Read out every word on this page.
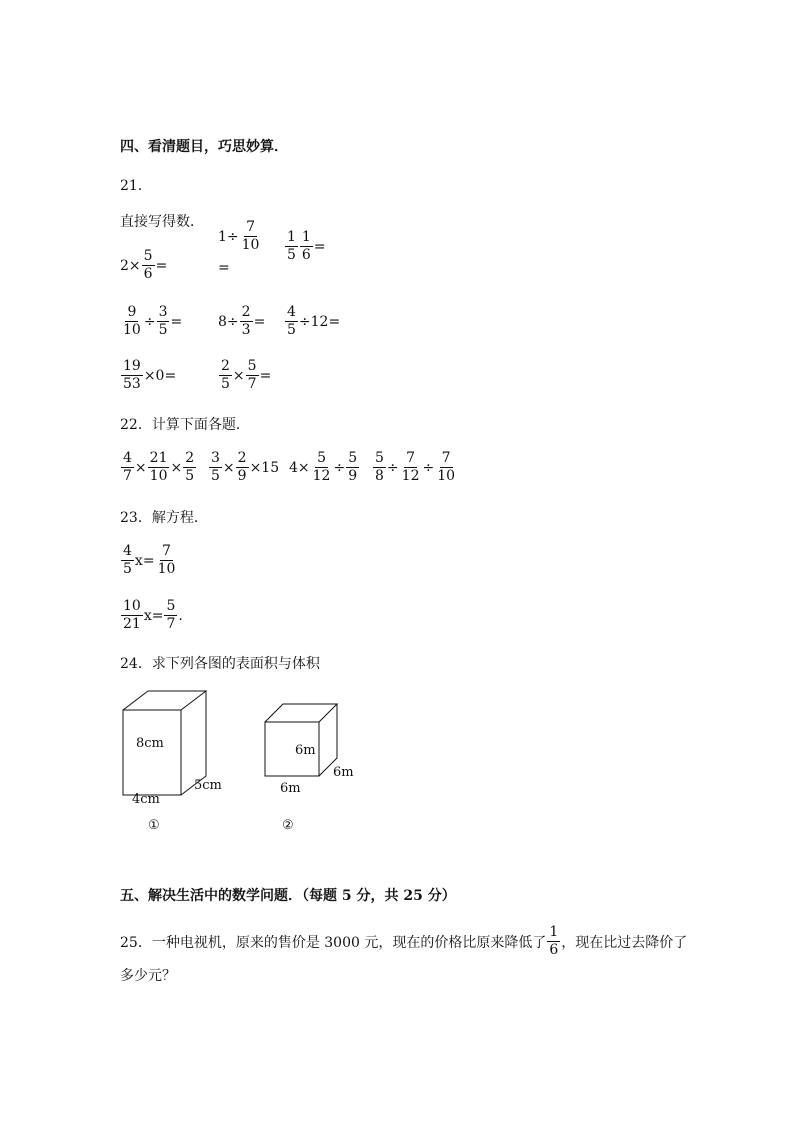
四、看清题目，巧思妙算．
21．
直接写得数．
$2\times \frac{5}{6}$ =
$1\div \frac{7}{10}$
=
$\frac{1}{5} \frac{1}{6}$ =
$\frac{9}{10} \div \frac{3}{5}$ =	$8\div \frac{2}{3} = \frac{4}{5} \div 12=$
$\frac{19}{53} \times 0=$	$\frac{2}{5} \times \frac{5}{7}$ =
22．计算下面各题．
$\frac{4}{7} \times \frac{21}{10} \times \frac{2}{5} \frac{3}{5} \times \frac{2}{9} \times 15$ $4\times \frac{5}{12} \div \frac{5}{9} \frac{5}{8} \div \frac{7}{12} \div \frac{7}{10}$
23．解方程．
$\frac{4}{5} x= \frac{7}{10}$
$\frac{10}{21} x= \frac{5}{7}$ .
24．求下列各图的表面积与体积
8cm
5cm
4cm
①
6m
6m
6m
②
五、解决生活中的数学问题．（每题 5 分，共 25 分）
25．一种电视机，原来的售价是 3000 元，现在的价格比原来降低了 $\frac{1}{6}$ ，现在比过去降价了
多少元？
